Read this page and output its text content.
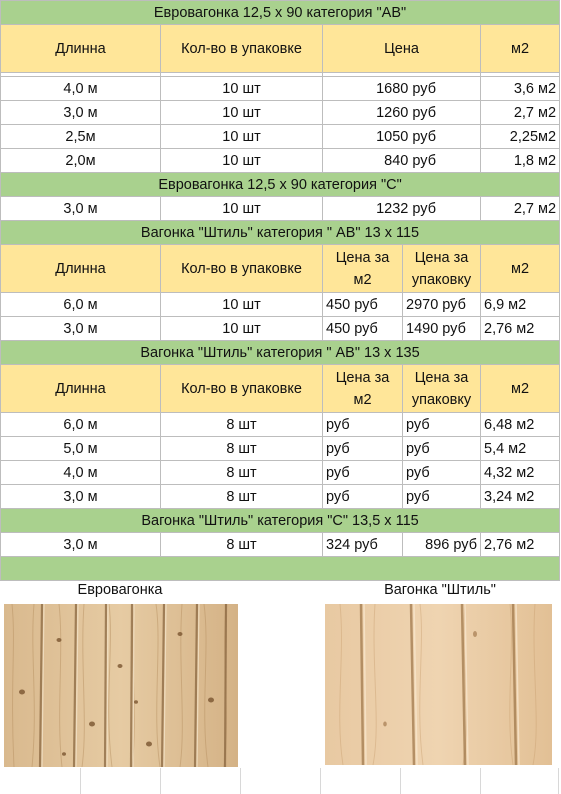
Евровагонка 12,5 х 90 категория "АВ"				
Длинна	Кол-во в упаковке	Цена		м2

4,0 м	10 шт	1680 руб		3,6 м2
3,0 м	10 шт	1260 руб		2,7 м2
2,5м	10 шт	1050 руб		2,25м2
2,0м	10 шт	840 руб		1,8 м2
Евровагонка 12,5 х 90 категория "С"				
3,0 м	10 шт	1232 руб		2,7 м2
Вагонка "Штиль" категория " АВ" 13 х 115				
Длинна	Кол-во в упаковке	Цена за м2	Цена за упаковку	м2
6,0 м	10 шт	450 руб	2970 руб	6,9 м2
3,0 м	10 шт	450 руб	1490 руб	2,76 м2
Вагонка "Штиль" категория " АВ" 13 х 135				
Длинна	Кол-во в упаковке	Цена за м2	Цена за упаковку	м2
6,0 м	8 шт	руб	руб	6,48 м2
5,0 м	8 шт	руб	руб	5,4 м2
4,0 м	8 шт	руб	руб	4,32 м2
3,0 м	8 шт	руб	руб	3,24 м2
Вагонка "Штиль" категория "С" 13,5 х 115				
3,0 м	8 шт	324 руб	896 руб	2,76 м2

Евровагонка	Вагонка "Штиль"
